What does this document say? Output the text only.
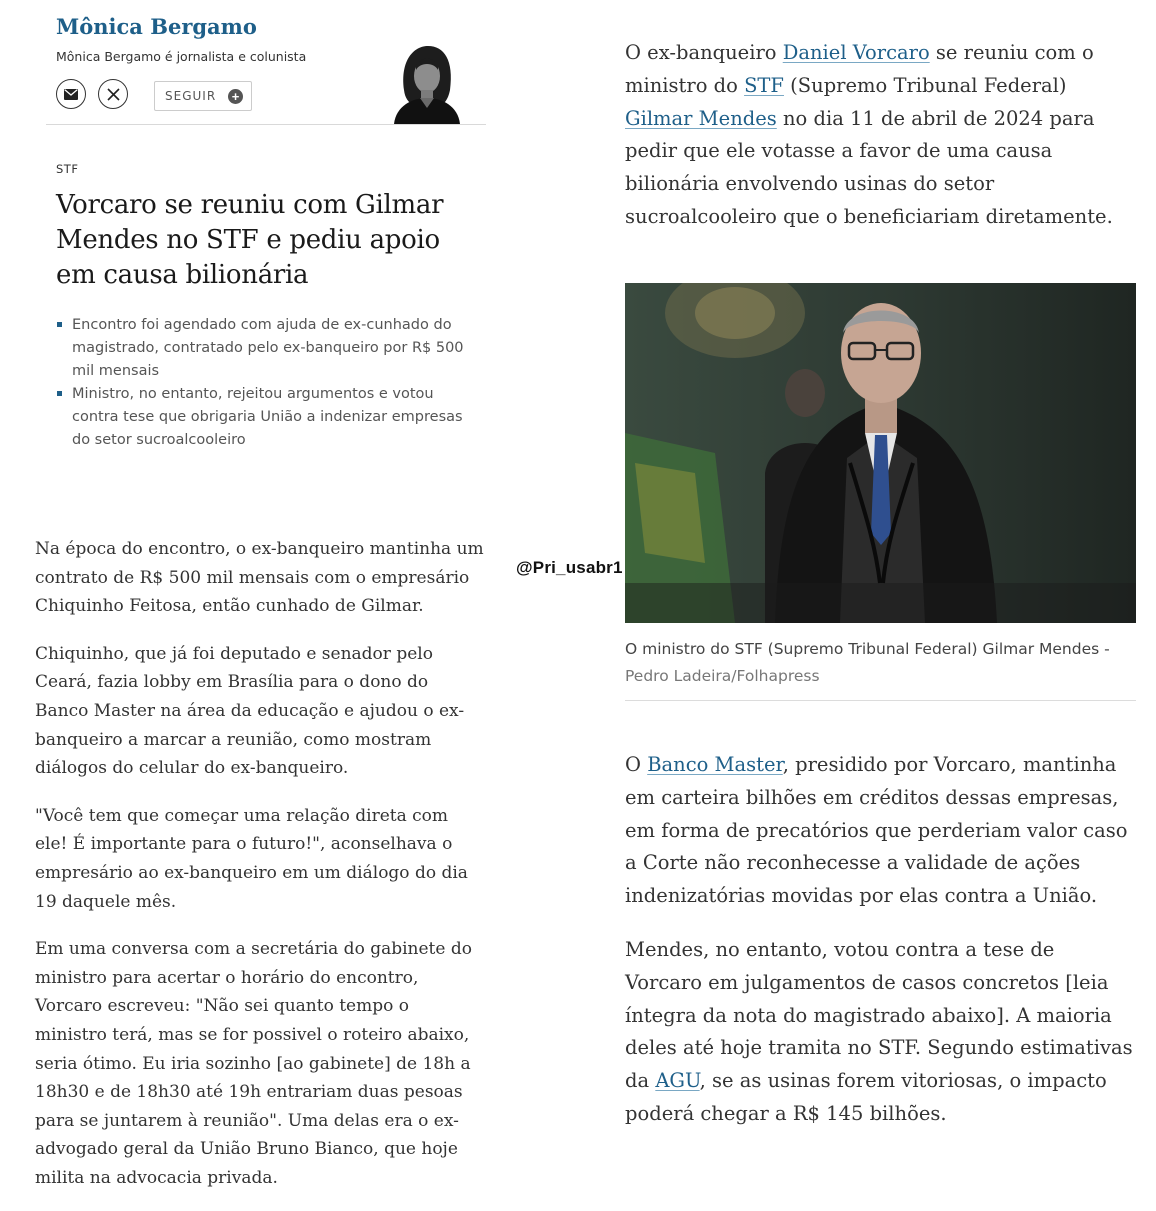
Mônica Bergamo
Mônica Bergamo é jornalista e colunista
SEGUIR +
STF
Vorcaro se reuniu com Gilmar Mendes no STF e pediu apoio em causa bilionária
Encontro foi agendado com ajuda de ex-cunhado do magistrado, contratado pelo ex-banqueiro por R$ 500 mil mensais
Ministro, no entanto, rejeitou argumentos e votou contra tese que obrigaria União a indenizar empresas do setor sucroalcooleiro

Na época do encontro, o ex-banqueiro mantinha um contrato de R$ 500 mil mensais com o empresário Chiquinho Feitosa, então cunhado de Gilmar.

Chiquinho, que já foi deputado e senador pelo Ceará, fazia lobby em Brasília para o dono do Banco Master na área da educação e ajudou o ex-banqueiro a marcar a reunião, como mostram diálogos do celular do ex-banqueiro.

"Você tem que começar uma relação direta com ele! É importante para o futuro!", aconselhava o empresário ao ex-banqueiro em um diálogo do dia 19 daquele mês.

Em uma conversa com a secretária do gabinete do ministro para acertar o horário do encontro, Vorcaro escreveu: "Não sei quanto tempo o ministro terá, mas se for possivel o roteiro abaixo, seria ótimo. Eu iria sozinho [ao gabinete] de 18h a 18h30 e de 18h30 até 19h entrariam duas pesoas para se juntarem à reunião". Uma delas era o ex-advogado geral da União Bruno Bianco, que hoje milita na advocacia privada.

@Pri_usabr1

O ex-banqueiro Daniel Vorcaro se reuniu com o ministro do STF (Supremo Tribunal Federal) Gilmar Mendes no dia 11 de abril de 2024 para pedir que ele votasse a favor de uma causa bilionária envolvendo usinas do setor sucroalcooleiro que o beneficiariam diretamente.

O ministro do STF (Supremo Tribunal Federal) Gilmar Mendes -
Pedro Ladeira/Folhapress

O Banco Master, presidido por Vorcaro, mantinha em carteira bilhões em créditos dessas empresas, em forma de precatórios que perderiam valor caso a Corte não reconhecesse a validade de ações indenizatórias movidas por elas contra a União.

Mendes, no entanto, votou contra a tese de Vorcaro em julgamentos de casos concretos [leia íntegra da nota do magistrado abaixo]. A maioria deles até hoje tramita no STF. Segundo estimativas da AGU, se as usinas forem vitoriosas, o impacto poderá chegar a R$ 145 bilhões.
